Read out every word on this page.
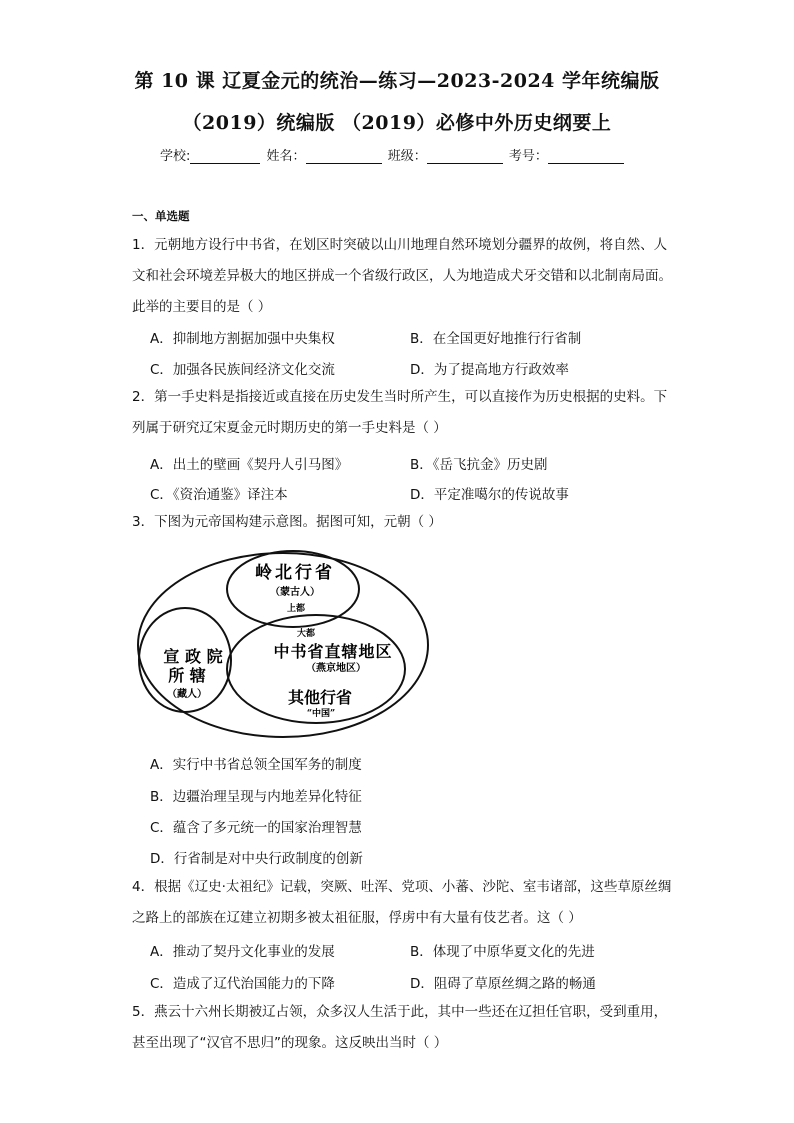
第 10 课 辽夏金元的统治—练习—2023-2024 学年统编版
（2019）统编版 （2019）必修中外历史纲要上
学校:	姓名：	班级：	考号：
一、单选题
1．元朝地方设行中书省，在划区时突破以山川地理自然环境划分疆界的故例，将自然、人文和社会环境差异极大的地区拼成一个省级行政区，人为地造成犬牙交错和以北制南局面。此举的主要目的是（ ）
A．抑制地方割据加强中央集权	B．在全国更好地推行行省制
C．加强各民族间经济文化交流	D．为了提高地方行政效率
2．第一手史料是指接近或直接在历史发生当时所产生，可以直接作为历史根据的史料。下列属于研究辽宋夏金元时期历史的第一手史料是（ ）
A．出土的壁画《契丹人引马图》	B．《岳飞抗金》历史剧
C．《资治通鉴》译注本	D．平定准噶尔的传说故事
3．下图为元帝国构建示意图。据图可知，元朝（ ）
岭北行省
（蒙古人）
上都
大都
中书省直辖地区
（燕京地区）
其他行省
“中国”
宣 政 院
所 辖
（藏人）
A．实行中书省总领全国军务的制度
B．边疆治理呈现与内地差异化特征
C．蕴含了多元统一的国家治理智慧
D．行省制是对中央行政制度的创新
4．根据《辽史·太祖纪》记载，突厥、吐浑、党项、小蕃、沙陀、室韦诸部，这些草原丝绸之路上的部族在辽建立初期多被太祖征服，俘虏中有大量有伎艺者。这（ ）
A．推动了契丹文化事业的发展	B．体现了中原华夏文化的先进
C．造成了辽代治国能力的下降	D．阻碍了草原丝绸之路的畅通
5．燕云十六州长期被辽占领，众多汉人生活于此，其中一些还在辽担任官职，受到重用，甚至出现了“汉官不思归”的现象。这反映出当时（ ）
